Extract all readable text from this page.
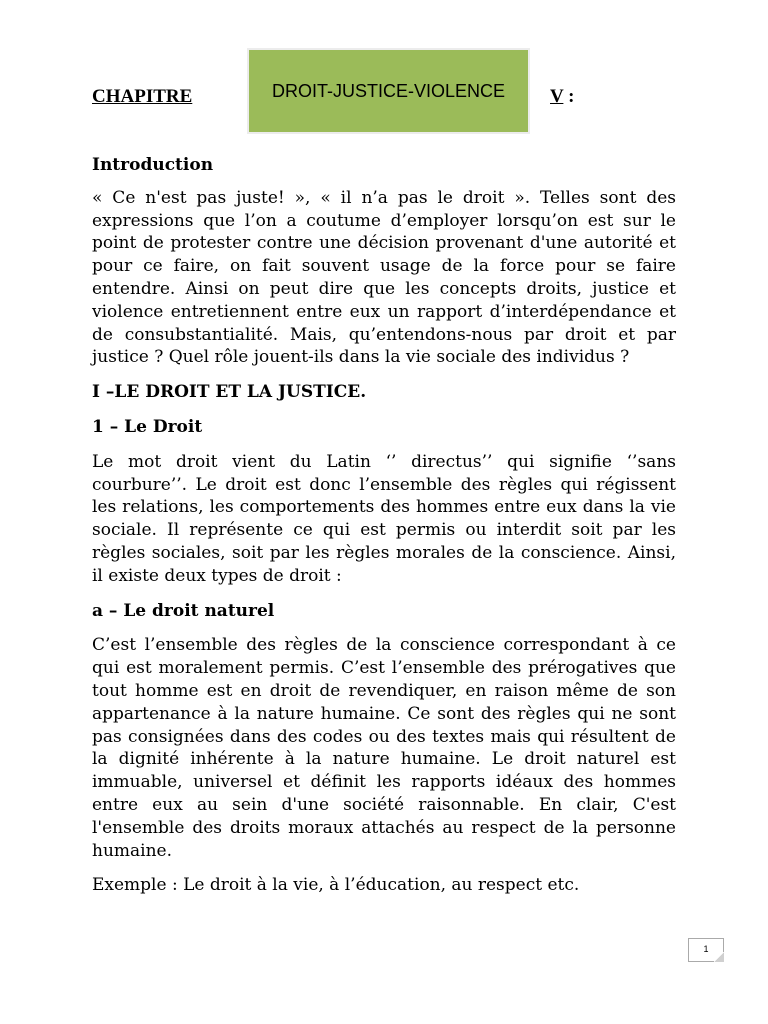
CHAPITRE	DROIT-JUSTICE-VIOLENCE V :
Introduction

« Ce n'est pas juste! », « il n’a pas le droit ». Telles sont des expressions que l’on a coutume d’employer lorsqu’on est sur le point de protester contre une décision provenant d'une autorité et pour ce faire, on fait souvent usage de la force pour se faire entendre. Ainsi on peut dire que les concepts droits, justice et violence entretiennent entre eux un rapport d’interdépendance et de consubstantialité. Mais, qu’entendons-nous par droit et par justice ? Quel rôle jouent-ils dans la vie sociale des individus ?

I –LE DROIT ET LA JUSTICE.
1 – Le Droit

Le mot droit vient du Latin ‘’ directus’’ qui signifie ‘’sans courbure’’. Le droit est donc l’ensemble des règles qui régissent les relations, les comportements des hommes entre eux dans la vie sociale. Il représente ce qui est permis ou interdit soit par les règles sociales, soit par les règles morales de la conscience. Ainsi, il existe deux types de droit :

a – Le droit naturel

C’est l’ensemble des règles de la conscience correspondant à ce qui est moralement permis. C’est l’ensemble des prérogatives que tout homme est en droit de revendiquer, en raison même de son appartenance à la nature humaine. Ce sont des règles qui ne sont pas consignées dans des codes ou des textes mais qui résultent de la dignité inhérente à la nature humaine. Le droit naturel est immuable, universel et définit les rapports idéaux des hommes entre eux au sein d'une société raisonnable. En clair, C'est l'ensemble des droits moraux attachés au respect de la personne humaine.

Exemple : Le droit à la vie, à l’éducation, au respect etc.

1
